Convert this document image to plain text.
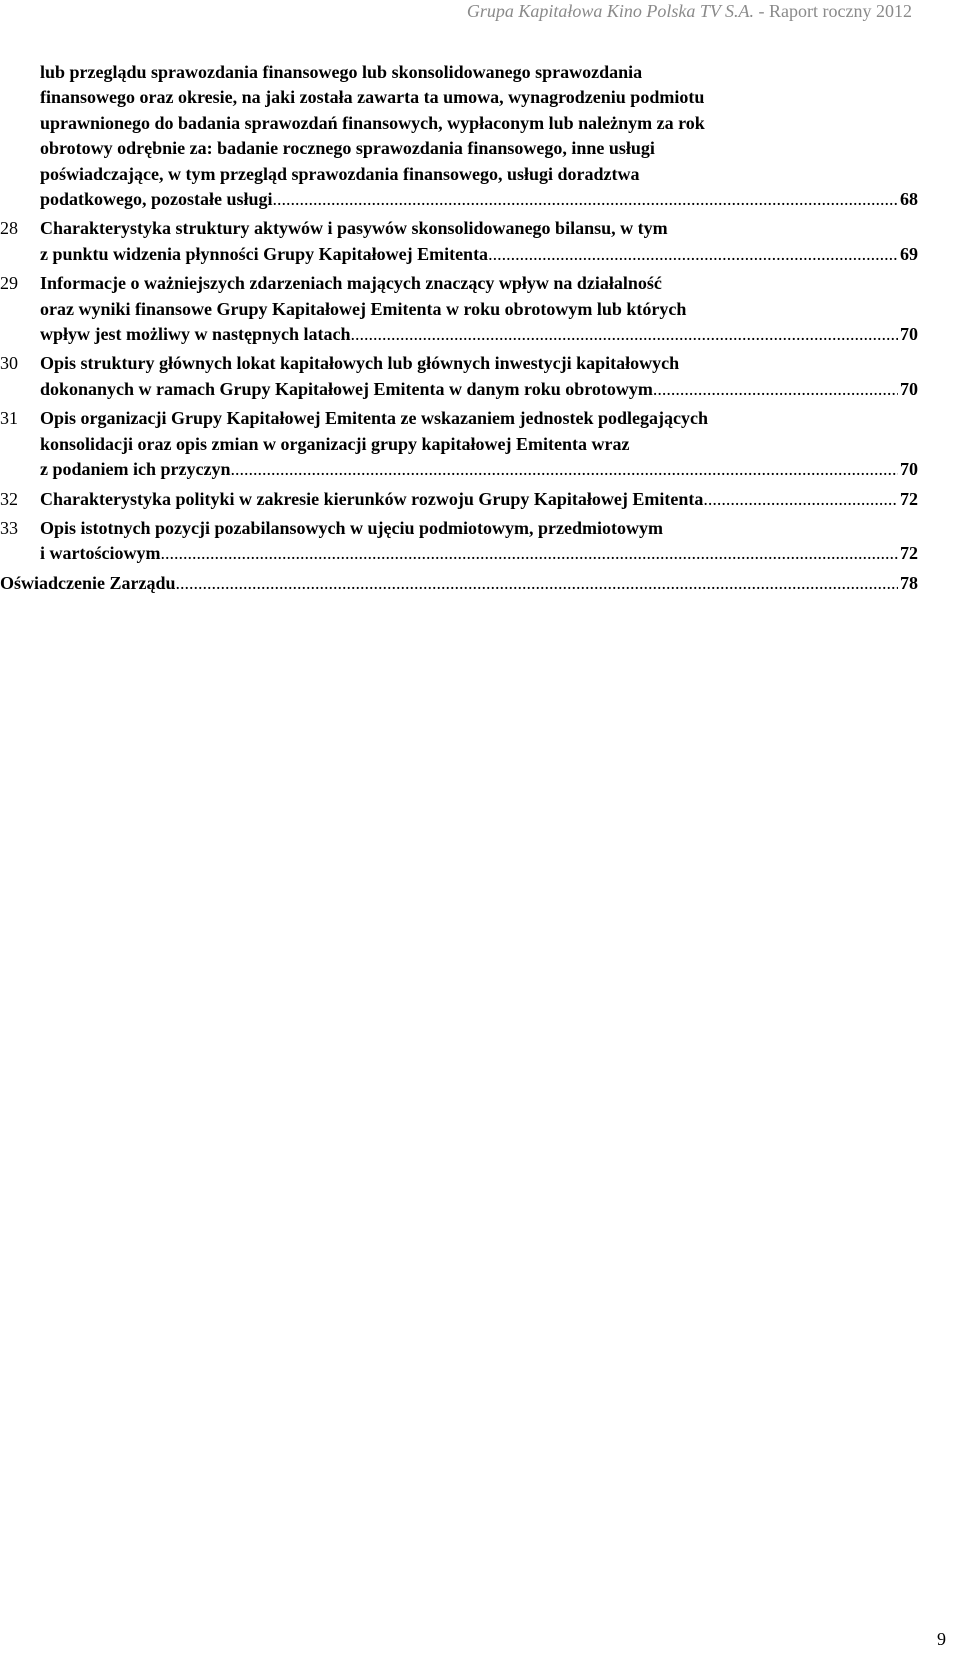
Grupa Kapitałowa Kino Polska TV S.A. - Raport roczny 2012
lub przeglądu sprawozdania finansowego lub skonsolidowanego sprawozdania
finansowego oraz okresie, na jaki została zawarta ta umowa, wynagrodzeniu podmiotu
uprawnionego do badania sprawozdań finansowych, wypłaconym lub należnym za rok
obrotowy odrębnie za: badanie rocznego sprawozdania finansowego, inne usługi
poświadczające, w tym przegląd sprawozdania finansowego, usługi doradztwa
podatkowego, pozostałe usługi .....	68
28 Charakterystyka struktury aktywów i pasywów skonsolidowanego bilansu, w tym
z punktu widzenia płynności Grupy Kapitałowej Emitenta .....	69
29 Informacje o ważniejszych zdarzeniach mających znaczący wpływ na działalność
oraz wyniki finansowe Grupy Kapitałowej Emitenta w roku obrotowym lub których
wpływ jest możliwy w następnych latach .....	70
30 Opis struktury głównych lokat kapitałowych lub głównych inwestycji kapitałowych
dokonanych w ramach Grupy Kapitałowej Emitenta w danym roku obrotowym .....	70
31 Opis organizacji Grupy Kapitałowej Emitenta ze wskazaniem jednostek podlegających
konsolidacji oraz opis zmian w organizacji grupy kapitałowej Emitenta wraz
z podaniem ich przyczyn .....	70
32 Charakterystyka polityki w zakresie kierunków rozwoju Grupy Kapitałowej Emitenta .....	72
33 Opis istotnych pozycji pozabilansowych w ujęciu podmiotowym, przedmiotowym
i wartościowym .....	72
Oświadczenie Zarządu .....	78
9
